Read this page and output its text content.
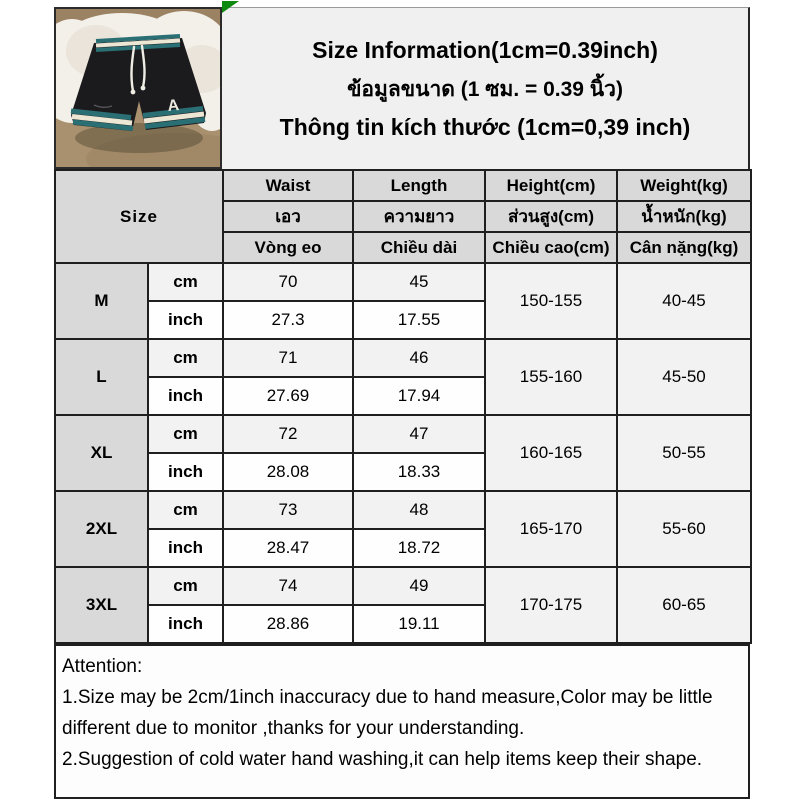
A
Size Information(1cm=0.39inch)
ข้อมูลขนาด (1 ซม. = 0.39 นิ้ว)
Thông tin kích thước (1cm=0,39 inch)
Size		Waist	Length	Height(cm)	Weight(kg)
		เอว	ความยาว	ส่วนสูง(cm)	น้ำหนัก(kg)
		Vòng eo	Chiều dài	Chiều cao(cm)	Cân nặng(kg)
M	cm	70	45	150-155	40-45
	inch	27.3	17.55		
L	cm	71	46	155-160	45-50
	inch	27.69	17.94		
XL	cm	72	47	160-165	50-55
	inch	28.08	18.33		
2XL	cm	73	48	165-170	55-60
	inch	28.47	18.72		
3XL	cm	74	49	170-175	60-65
	inch	28.86	19.11		
Attention:
1.Size may be 2cm/1inch inaccuracy due to hand measure,Color may be little different due to monitor ,thanks for your understanding.
2.Suggestion of cold water hand washing,it can help items keep their shape.
